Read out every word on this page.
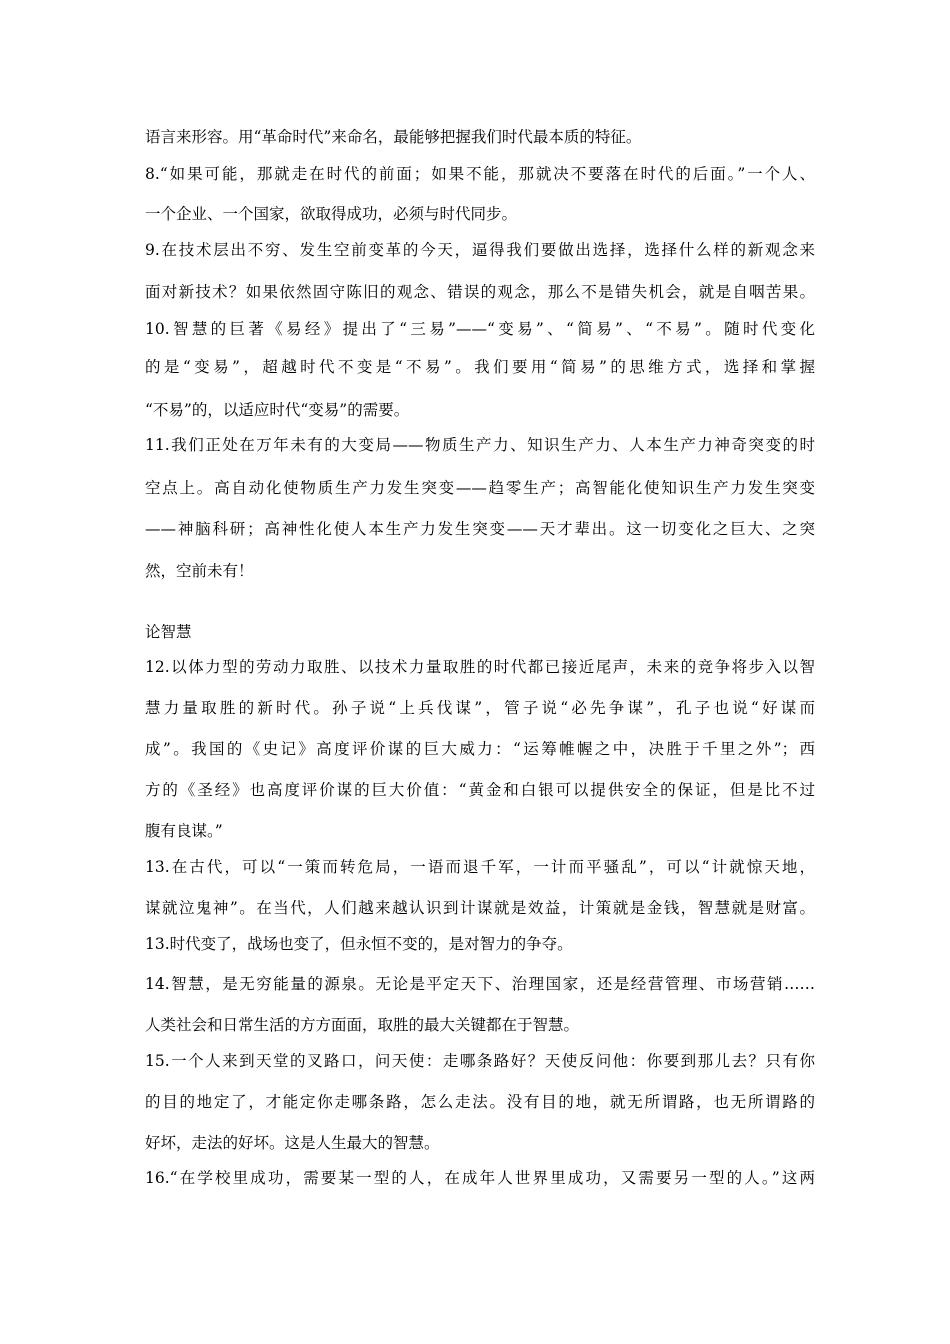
语言来形容。用“革命时代”来命名，最能够把握我们时代最本质的特征。
8.“如果可能，那就走在时代的前面；如果不能，那就决不要落在时代的后面。”一个人、
一个企业、一个国家，欲取得成功，必须与时代同步。
9.在技术层出不穷、发生空前变革的今天，逼得我们要做出选择，选择什么样的新观念来
面对新技术？如果依然固守陈旧的观念、错误的观念，那么不是错失机会，就是自咽苦果。
10.智慧的巨著《易经》提出了“三易”——“变易”、“简易”、“不易”。随时代变化
的是“变易”，超越时代不变是“不易”。我们要用“简易”的思维方式，选择和掌握
“不易”的，以适应时代“变易”的需要。
11.我们正处在万年未有的大变局——物质生产力、知识生产力、人本生产力神奇突变的时
空点上。高自动化使物质生产力发生突变——趋零生产；高智能化使知识生产力发生突变
——神脑科研；高神性化使人本生产力发生突变——天才辈出。这一切变化之巨大、之突
然，空前未有！
论智慧
12.以体力型的劳动力取胜、以技术力量取胜的时代都已接近尾声，未来的竞争将步入以智
慧力量取胜的新时代。孙子说“上兵伐谋”，管子说“必先争谋”，孔子也说“好谋而
成”。我国的《史记》高度评价谋的巨大威力：“运筹帷幄之中，决胜于千里之外”；西
方的《圣经》也高度评价谋的巨大价值：“黄金和白银可以提供安全的保证，但是比不过
腹有良谋。”
13.在古代，可以“一策而转危局，一语而退千军，一计而平骚乱”，可以“计就惊天地，
谋就泣鬼神”。在当代，人们越来越认识到计谋就是效益，计策就是金钱，智慧就是财富。
13.时代变了，战场也变了，但永恒不变的，是对智力的争夺。
14.智慧，是无穷能量的源泉。无论是平定天下、治理国家，还是经营管理、市场营销……
人类社会和日常生活的方方面面，取胜的最大关键都在于智慧。
15.一个人来到天堂的叉路口，问天使：走哪条路好？天使反问他：你要到那儿去？只有你
的目的地定了，才能定你走哪条路，怎么走法。没有目的地，就无所谓路，也无所谓路的
好坏，走法的好坏。这是人生最大的智慧。
16.“在学校里成功，需要某一型的人，在成年人世界里成功，又需要另一型的人。”这两
